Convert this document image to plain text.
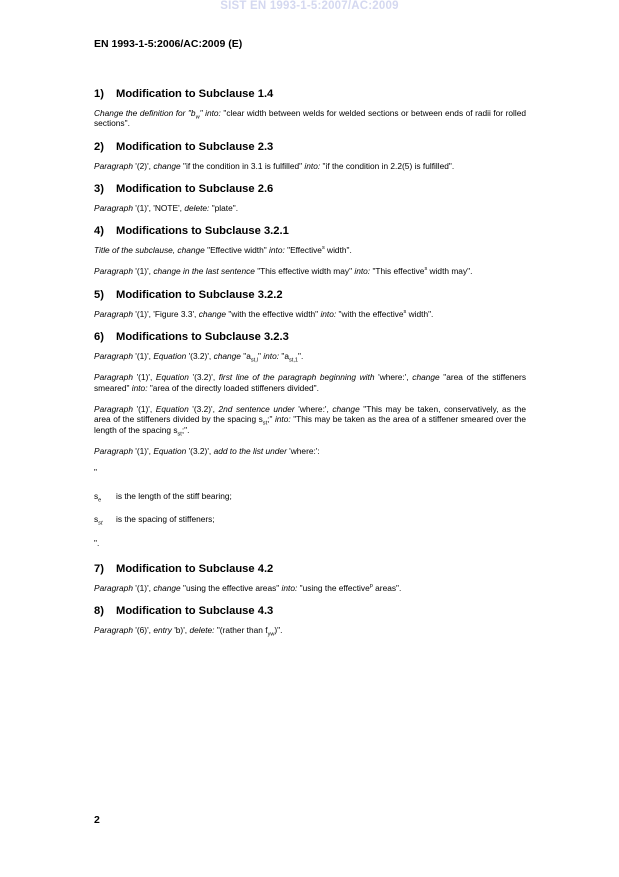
SIST EN 1993-1-5:2007/AC:2009
EN 1993-1-5:2006/AC:2009 (E)
1) Modification to Subclause 1.4

Change the definition for "$b_w$" into: "clear width between welds for welded sections or between ends of radii for rolled sections".

2) Modification to Subclause 2.3

Paragraph '(2)', change "if the condition in 3.1 is fulfilled" into: "if the condition in 2.2(5) is fulfilled".

3) Modification to Subclause 2.6

Paragraph '(1)', 'NOTE', delete: "plate".

4) Modifications to Subclause 3.2.1

Title of the subclause, change "Effective width" into: "Effective$^s$ width".

Paragraph '(1)', change in the last sentence "This effective width may" into: "This effective$^s$ width may".

5) Modification to Subclause 3.2.2

Paragraph '(1)', 'Figure 3.3', change "with the effective width" into: "with the effective$^s$ width".

6) Modifications to Subclause 3.2.3

Paragraph '(1)', Equation '(3.2)', change "$a_{st,l}$" into: "$a_{st,1}$".

Paragraph '(1)', Equation '(3.2)', first line of the paragraph beginning with 'where:', change "area of the stiffeners smeared" into: "area of the directly loaded stiffeners divided".

Paragraph '(1)', Equation '(3.2)', 2nd sentence under 'where:', change "This may be taken, conservatively, as the area of the stiffeners divided by the spacing $s_{st}$;" into: "This may be taken as the area of a stiffener smeared over the length of the spacing $s_{st}$;".

Paragraph '(1)', Equation '(3.2)', add to the list under 'where:':

"
$s_e$ is the length of the stiff bearing;
$s_{st}$ is the spacing of stiffeners;
".
7) Modification to Subclause 4.2

Paragraph '(1)', change "using the effective areas" into: "using the effective$^p$ areas".

8) Modification to Subclause 4.3

Paragraph '(6)', entry 'b)', delete: "(rather than $f_{yw}$)".

2
